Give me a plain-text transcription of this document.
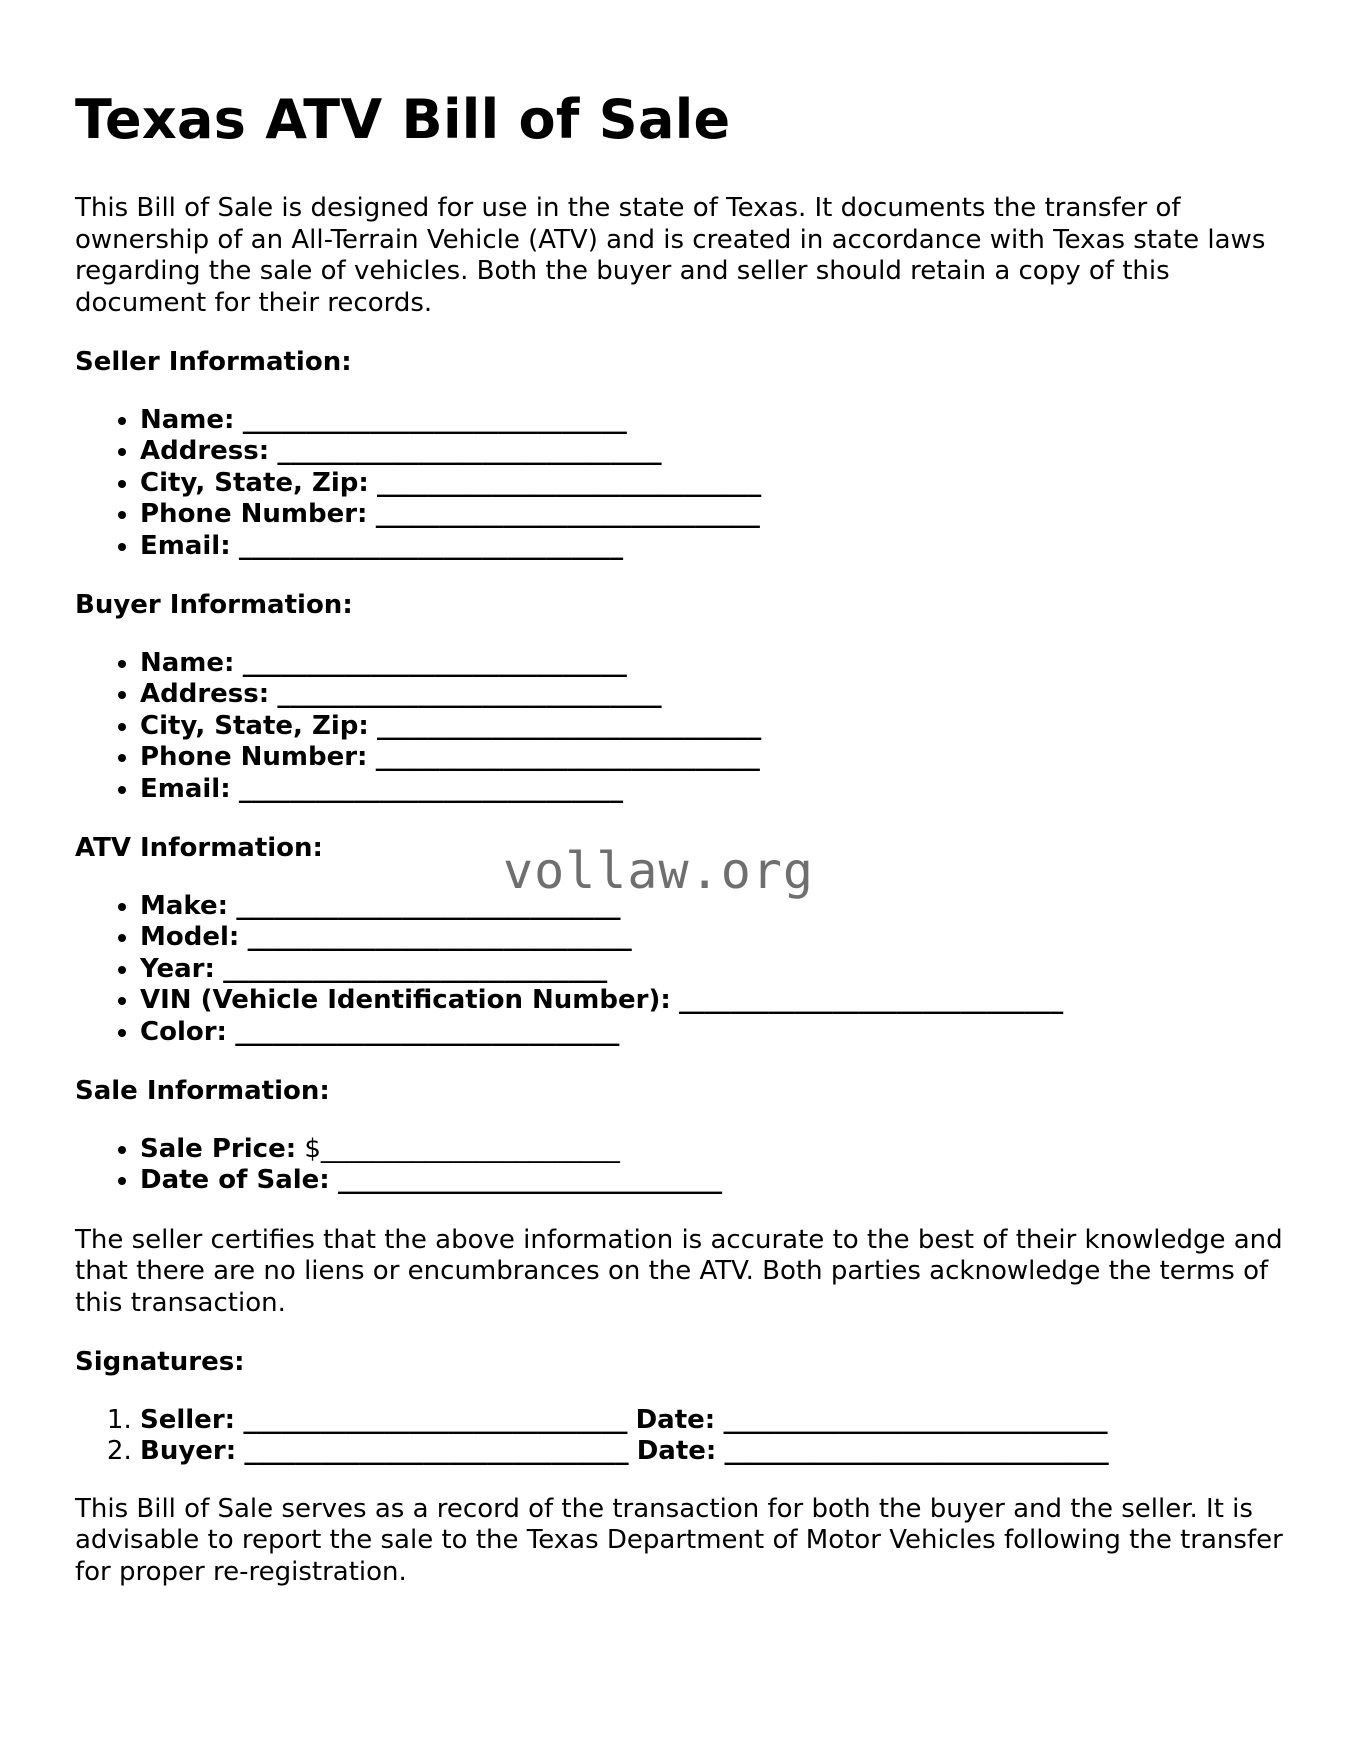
Texas ATV Bill of Sale

This Bill of Sale is designed for use in the state of Texas. It documents the transfer of ownership of an All-Terrain Vehicle (ATV) and is created in accordance with Texas state laws regarding the sale of vehicles. Both the buyer and seller should retain a copy of this document for their records.

Seller Information:
• Name: ______________________________
• Address: ______________________________
• City, State, Zip: ______________________________
• Phone Number: ______________________________
• Email: ______________________________
Buyer Information:
• Name: ______________________________
• Address: ______________________________
• City, State, Zip: ______________________________
• Phone Number: ______________________________
• Email: ______________________________
ATV Information:
• Make: ______________________________
• Model: ______________________________
• Year: ______________________________
• VIN (Vehicle Identification Number): ______________________________
• Color: ______________________________
Sale Information:
• Sale Price: $_______________________
• Date of Sale: ______________________________

The seller certifies that the above information is accurate to the best of their knowledge and that there are no liens or encumbrances on the ATV. Both parties acknowledge the terms of this transaction.

Signatures:
1. Seller: ______________________________ Date: ______________________________
2. Buyer: ______________________________ Date: ______________________________

This Bill of Sale serves as a record of the transaction for both the buyer and the seller. It is advisable to report the sale to the Texas Department of Motor Vehicles following the transfer for proper re-registration.

vollaw.org
